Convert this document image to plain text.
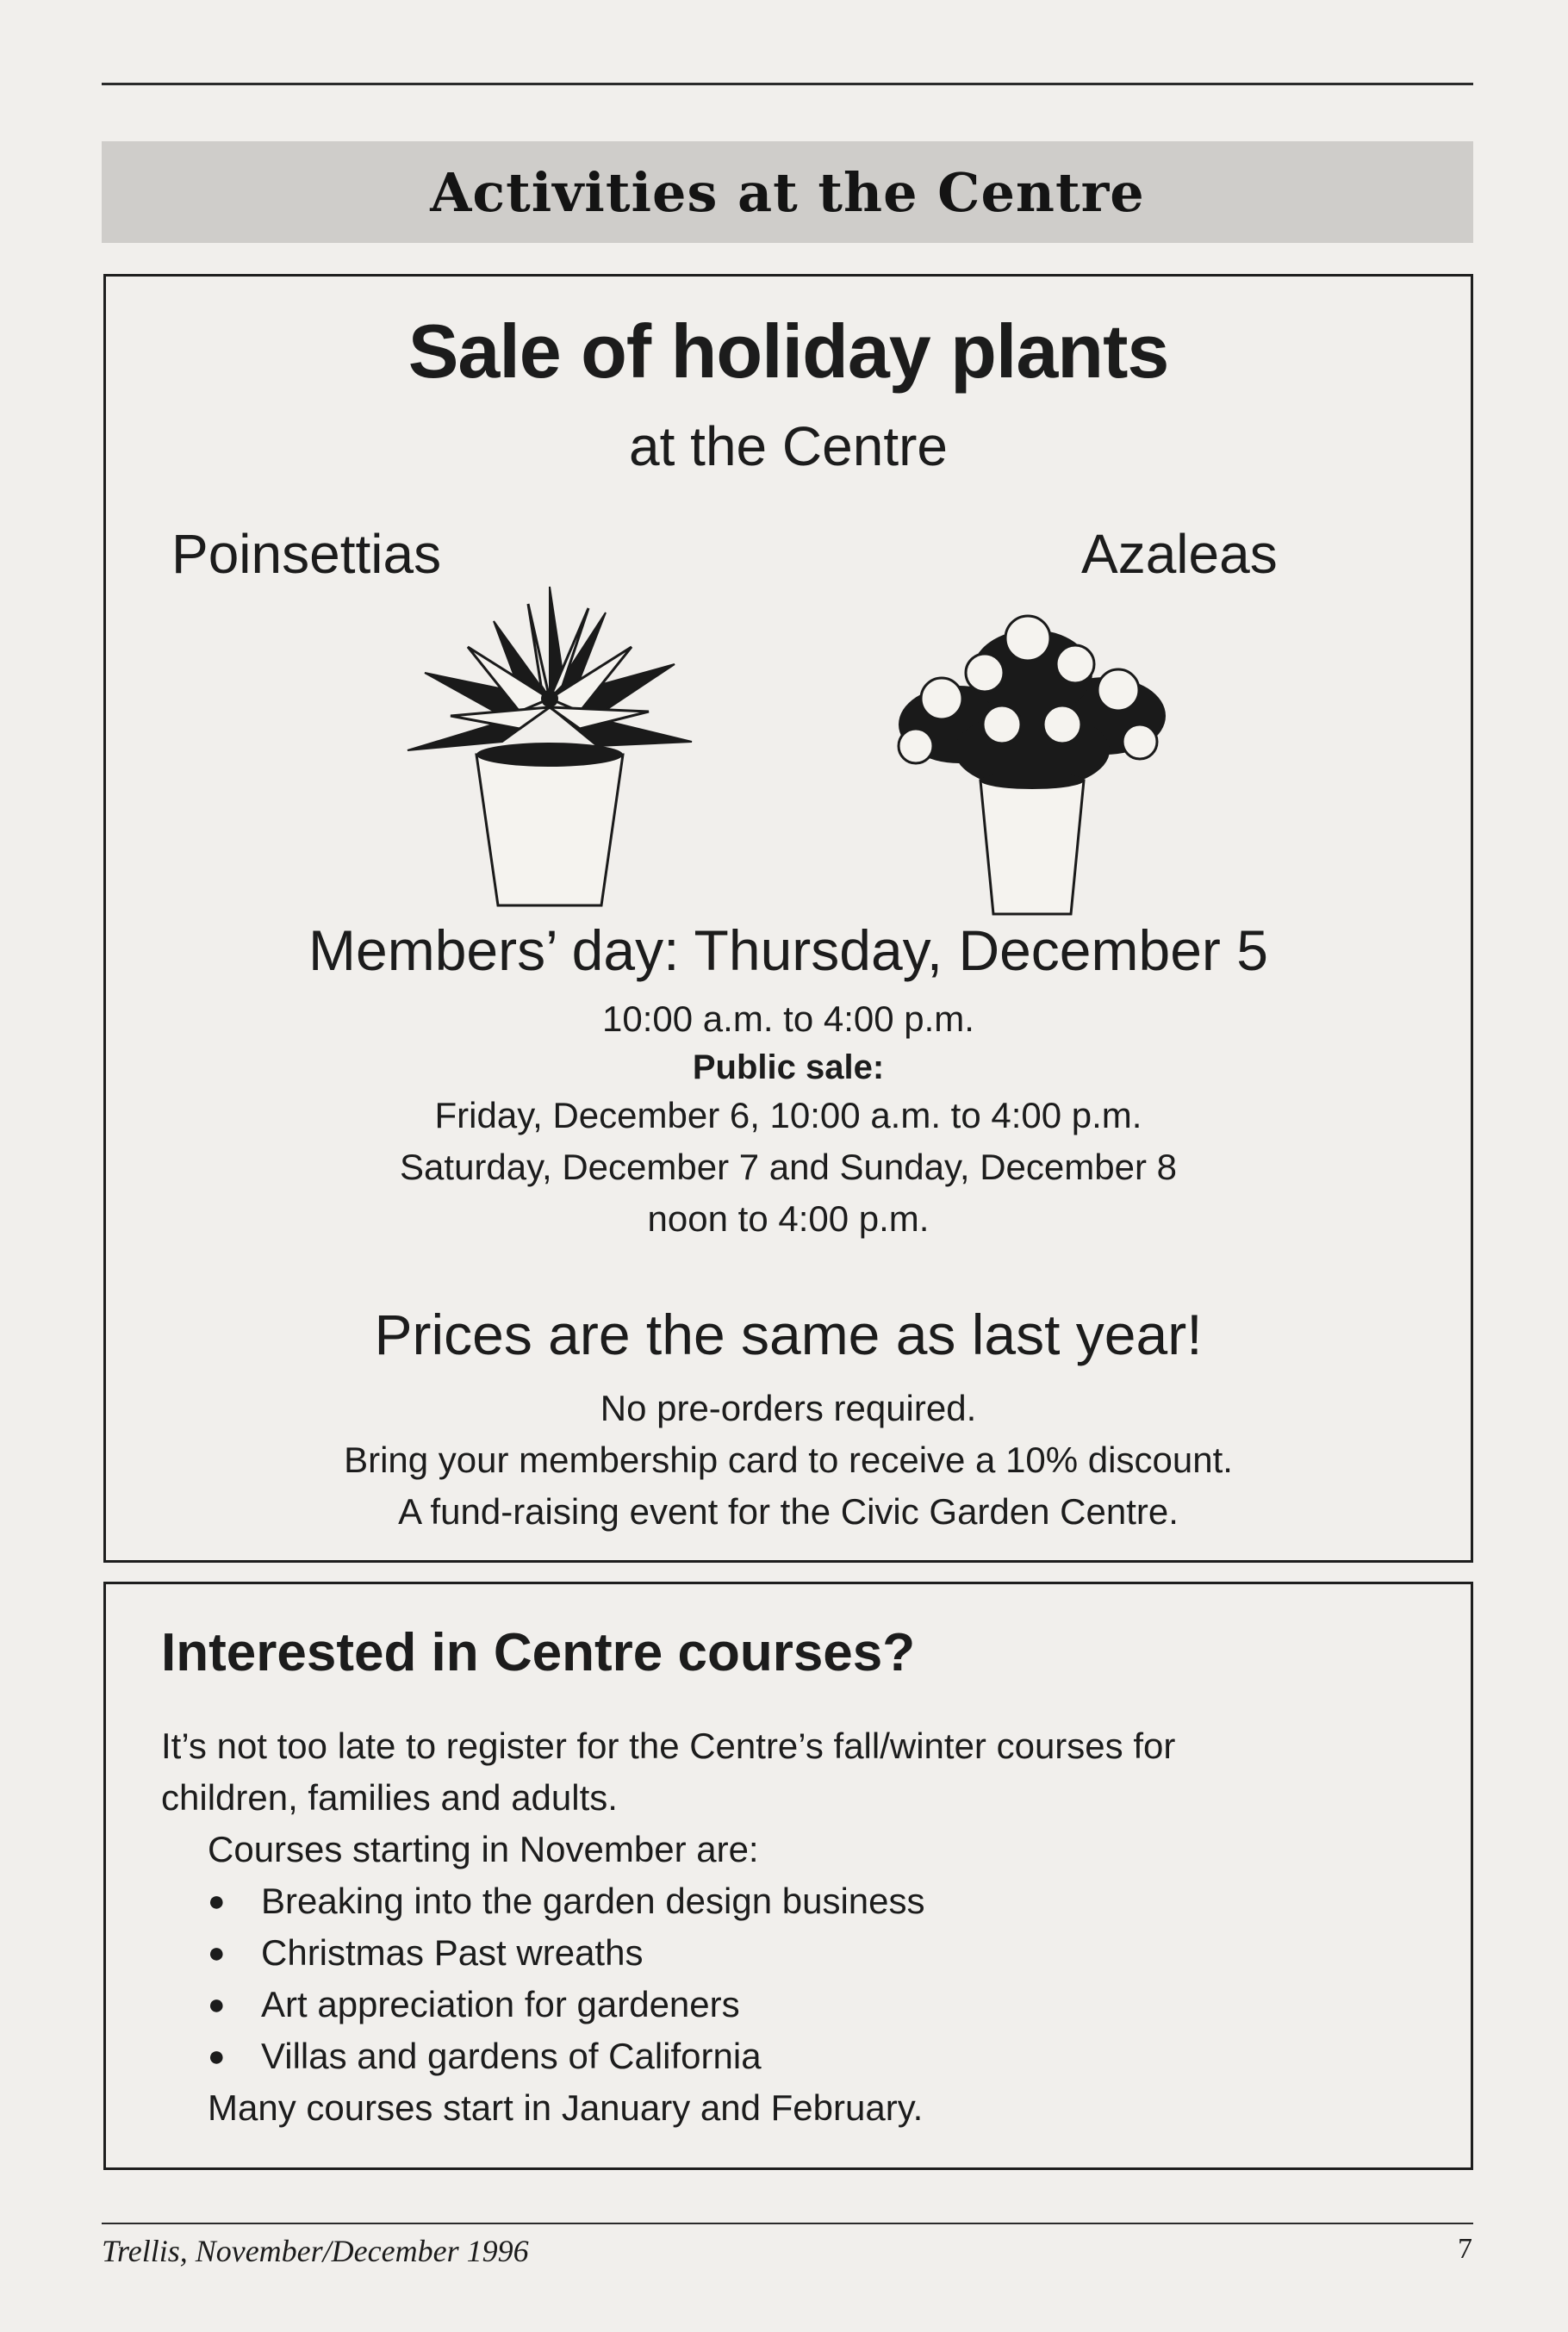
Activities at the Centre
Sale of holiday plants
at the Centre
Poinsettias	Azaleas
Members’ day: Thursday, December 5
10:00 a.m. to 4:00 p.m.
Public sale:
Friday, December 6, 10:00 a.m. to 4:00 p.m.
Saturday, December 7 and Sunday, December 8
noon to 4:00 p.m.
Prices are the same as last year!
No pre-orders required.
Bring your membership card to receive a 10% discount.
A fund-raising event for the Civic Garden Centre.
Interested in Centre courses?
It’s not too late to register for the Centre’s fall/winter courses for
children, families and adults.
Courses starting in November are:
● Breaking into the garden design business
● Christmas Past wreaths
● Art appreciation for gardeners
● Villas and gardens of California
Many courses start in January and February.
Trellis, November/December 1996	7
